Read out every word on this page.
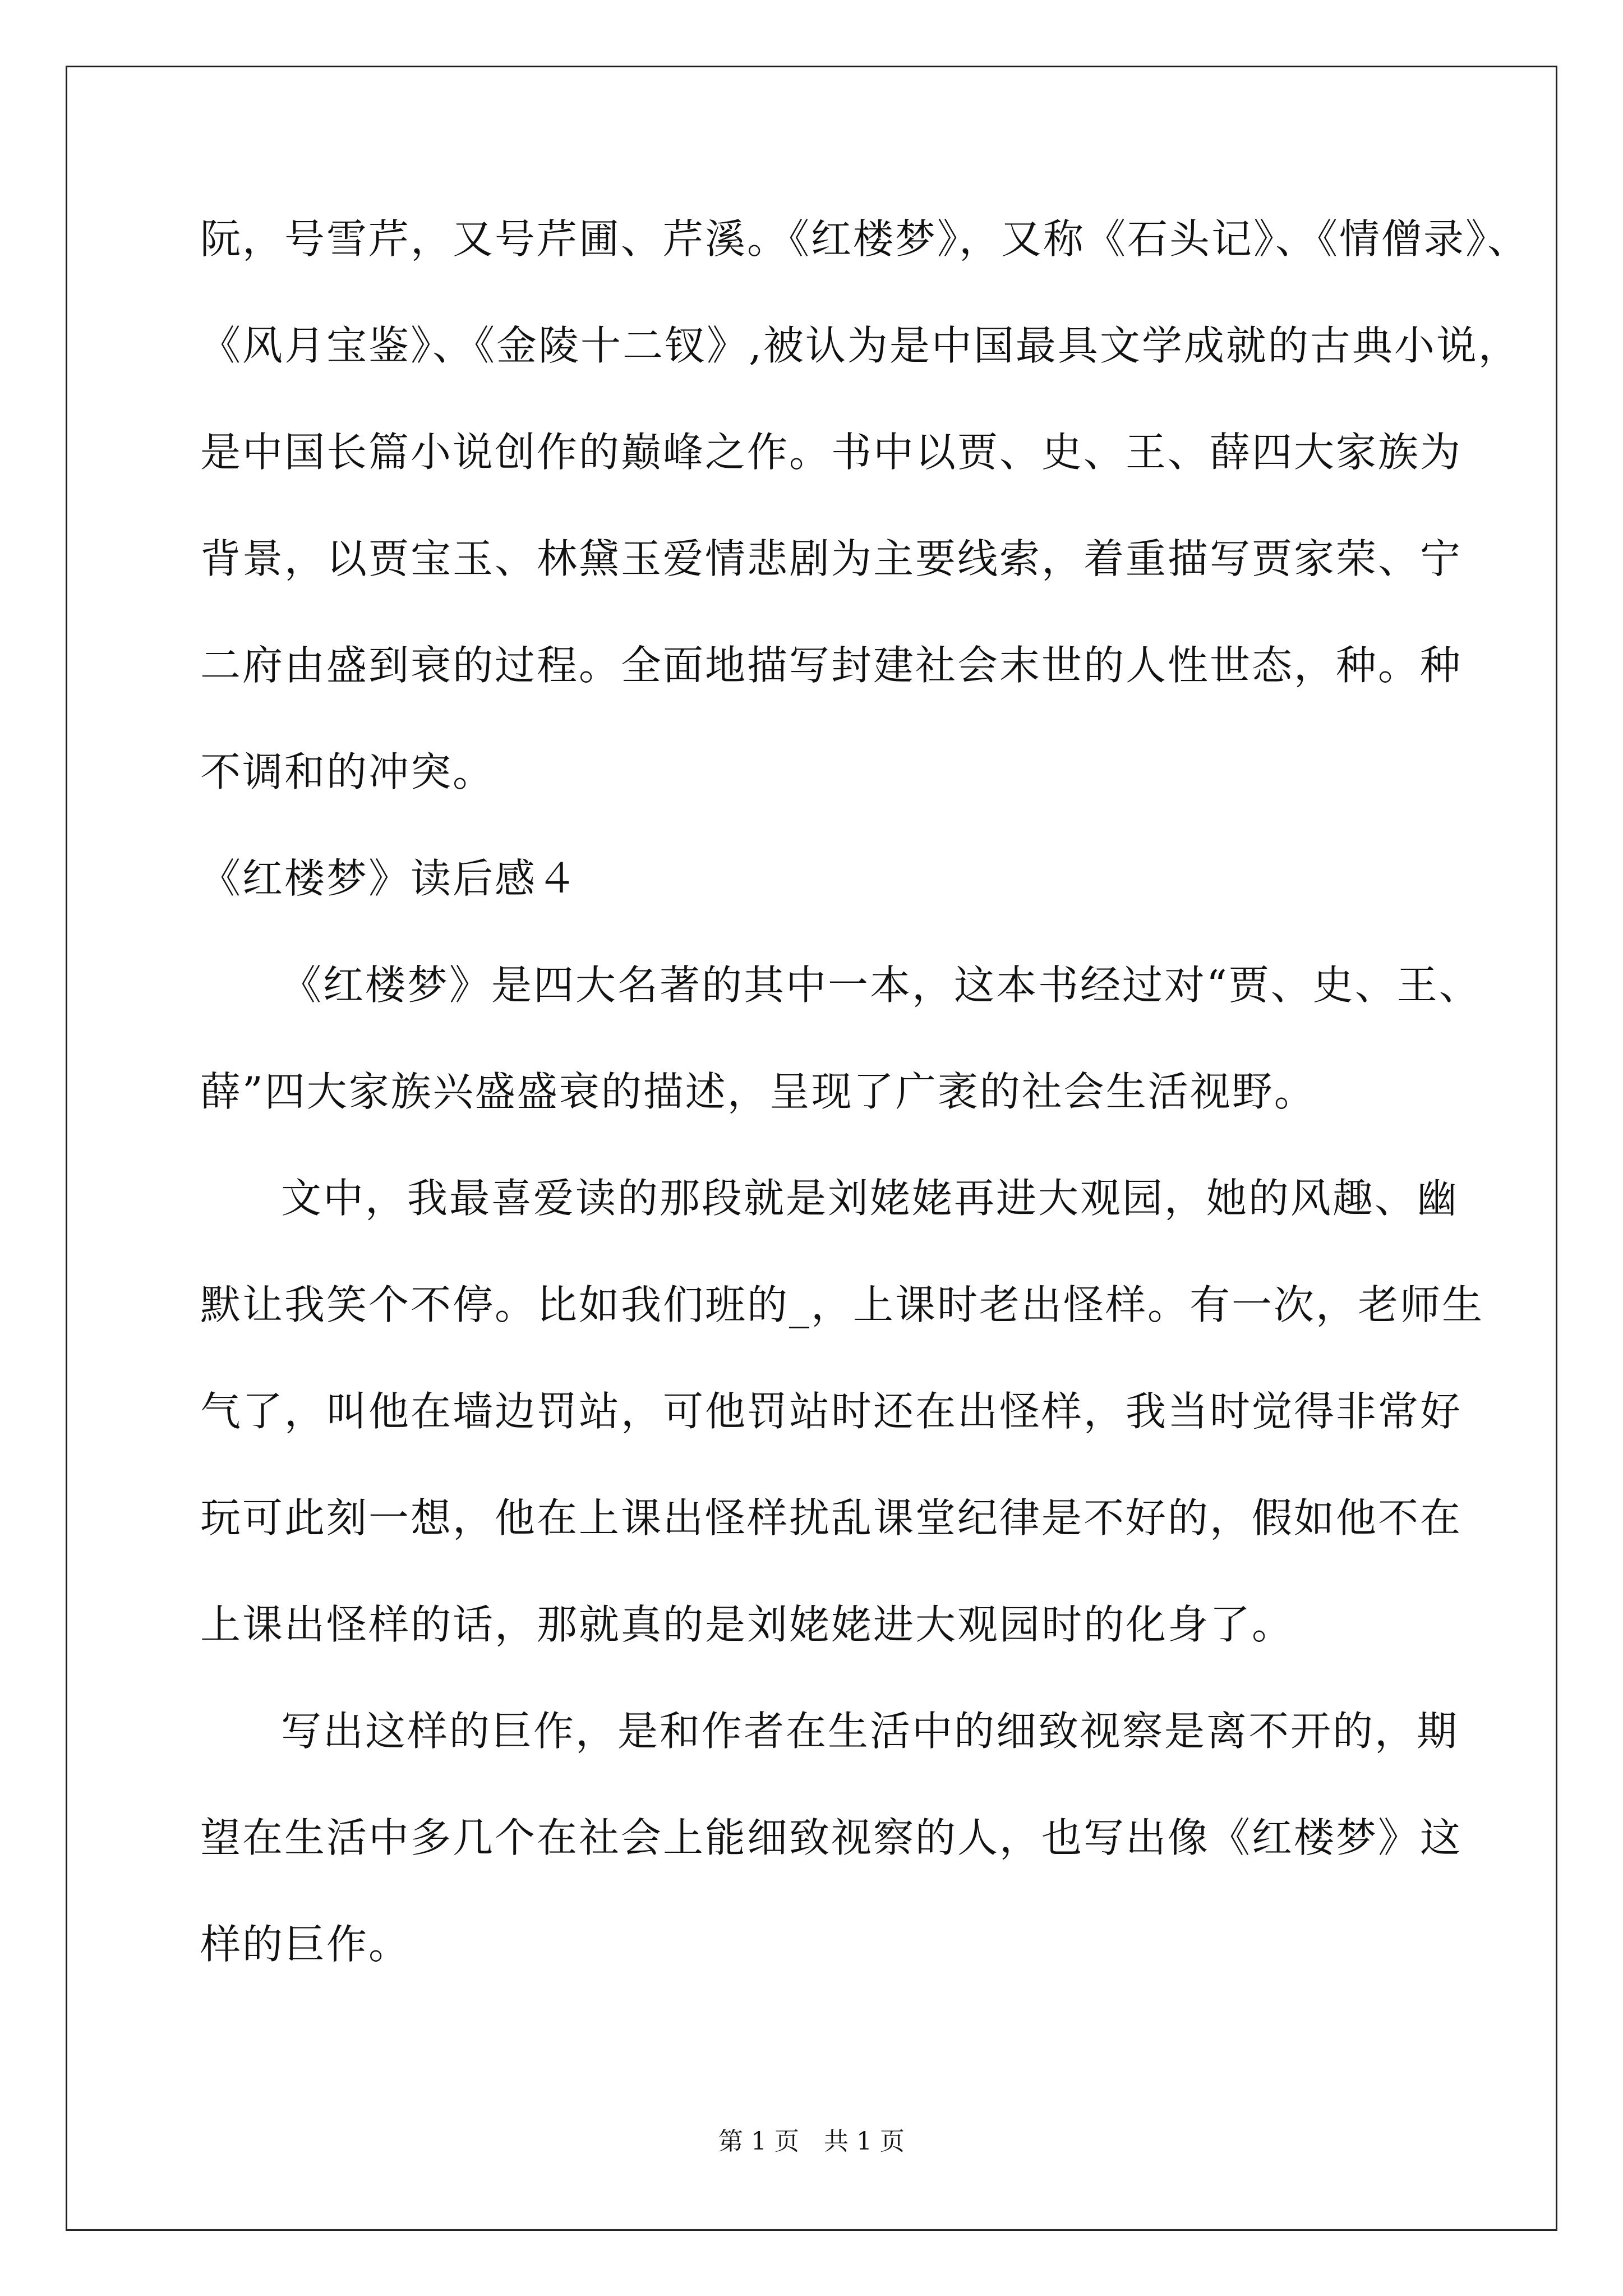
阮，号雪芹，又号芹圃、芹溪。《红楼梦》，又称《石头记》、《情僧录》、
《风月宝鉴》、《金陵十二钗》,被认为是中国最具文学成就的古典小说，
是中国长篇小说创作的巅峰之作。书中以贾、史、王、薛四大家族为
背景，以贾宝玉、林黛玉爱情悲剧为主要线索，着重描写贾家荣、宁
二府由盛到衰的过程。全面地描写封建社会末世的人性世态，种。种
不调和的冲突。
《红楼梦》读后感４
《红楼梦》是四大名著的其中一本，这本书经过对“贾、史、王、
薛”四大家族兴盛盛衰的描述，呈现了广袤的社会生活视野。
文中，我最喜爱读的那段就是刘姥姥再进大观园，她的风趣、幽
默让我笑个不停。比如我们班的_，上课时老出怪样。有一次，老师生
气了，叫他在墙边罚站，可他罚站时还在出怪样，我当时觉得非常好
玩可此刻一想，他在上课出怪样扰乱课堂纪律是不好的，假如他不在
上课出怪样的话，那就真的是刘姥姥进大观园时的化身了。
写出这样的巨作，是和作者在生活中的细致视察是离不开的，期
望在生活中多几个在社会上能细致视察的人，也写出像《红楼梦》这
样的巨作。
第 1 页　共 1 页
